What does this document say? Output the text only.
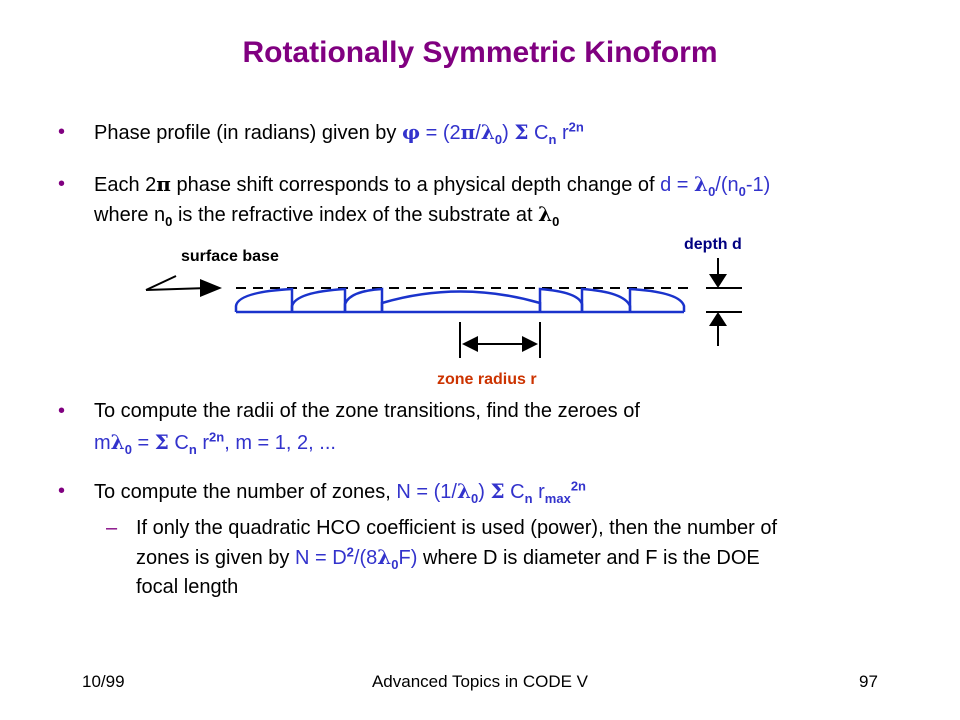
Rotationally Symmetric Kinoform
• Phase profile (in radians) given by $\varphi = (2\pi/\lambda_0)$ Σ $C_n$ $r^{2n}$
• Each 2π phase shift corresponds to a physical depth change of $d = \lambda_0/(n_0-1)$
where $n_0$ is the refractive index of the substrate at $\lambda_0$
surface base
depth d
zone radius r
• To compute the radii of the zone transitions, find the zeroes of
$m\lambda_0 = \Sigma$ $C_n$ $r^{2n}$, m = 1, 2, ...
• To compute the number of zones, $N = (1/\lambda_0)$ Σ $C_n$ $r_{max}^{2n}$
– If only the quadratic HCO coefficient is used (power), then the number of
zones is given by $N = D^2/(8\lambda_0F)$ where D is diameter and F is the DOE
focal length
10/99	Advanced Topics in CODE V	97
